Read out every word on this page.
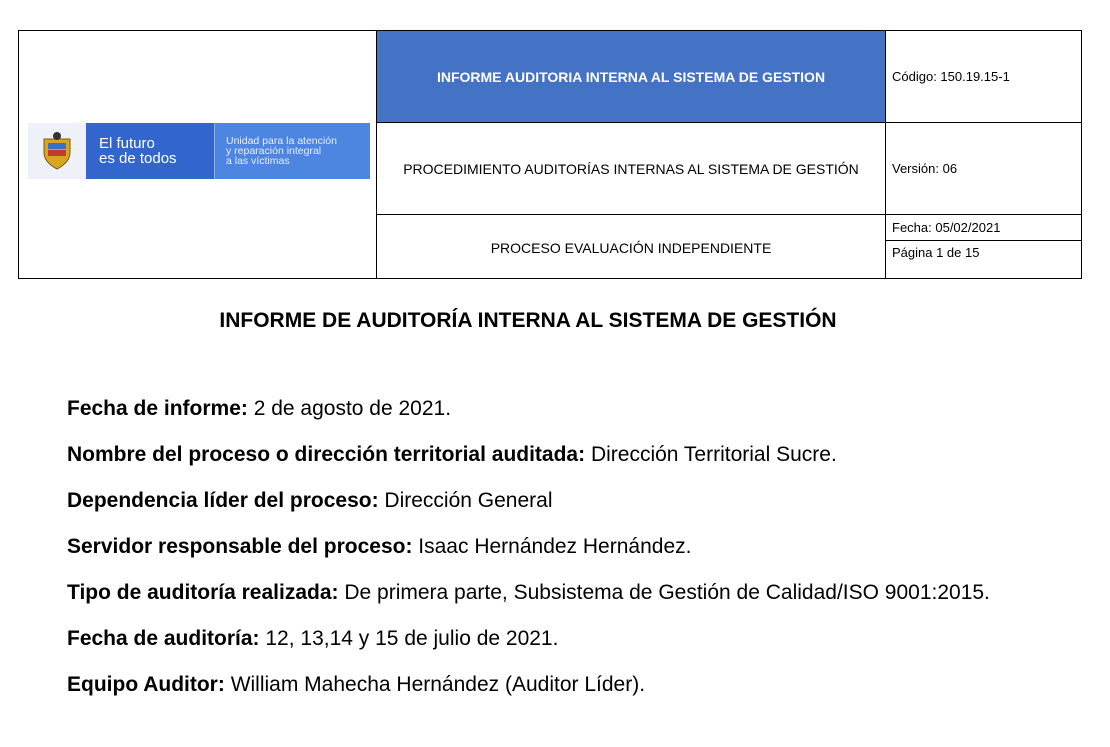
El futuro
es de todos
Unidad para la atención
y reparación integral
a las víctimas
INFORME AUDITORIA INTERNA AL SISTEMA DE GESTION
PROCEDIMIENTO AUDITORÍAS INTERNAS AL SISTEMA DE GESTIÓN
PROCESO EVALUACIÓN INDEPENDIENTE
Código: 150.19.15-1
Versión: 06
Fecha: 05/02/2021
Página 1 de 15
INFORME DE AUDITORÍA INTERNA AL SISTEMA DE GESTIÓN

Fecha de informe: 2 de agosto de 2021.

Nombre del proceso o dirección territorial auditada: Dirección Territorial Sucre.

Dependencia líder del proceso: Dirección General

Servidor responsable del proceso: Isaac Hernández Hernández.

Tipo de auditoría realizada: De primera parte, Subsistema de Gestión de Calidad/ISO 9001:2015.

Fecha de auditoría: 12, 13,14 y 15 de julio de 2021.

Equipo Auditor: William Mahecha Hernández (Auditor Líder).
